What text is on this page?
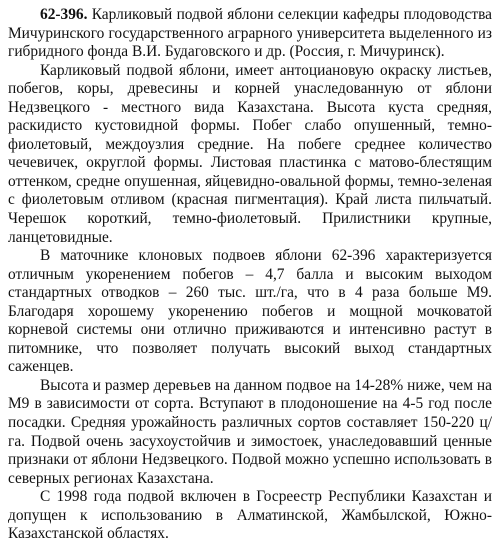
62-396. Карликовый подвой яблони селекции кафедры плодоводства Мичуринского государственного аграрного университета выделенного из гибридного фонда В.И. Будаговского и др. (Россия, г. Мичуринск).

Карликовый подвой яблони, имеет антоциановую окраску листьев, побегов, коры, древесины и корней унаследованную от яблони Недзвецкого - местного вида Казахстана. Высота куста средняя, раскидисто кустовидной формы. Побег слабо опушенный, темно-фиолетовый, междоузлия средние. На побеге среднее количество чечевичек, округлой формы. Листовая пластинка с матово-блестящим оттенком, средне опушенная, яйцевидно-овальной формы, темно-зеленая с фиолетовым отливом (красная пигментация). Край листа пильчатый. Черешок короткий, темно-фиолетовый. Прилистники крупные, ланцетовидные.

В маточнике клоновых подвоев яблони 62-396 характеризуется отличным укоренением побегов – 4,7 балла и высоким выходом стандартных отводков – 260 тыс. шт./га, что в 4 раза больше М9. Благодаря хорошему укоренению побегов и мощной мочковатой корневой системы они отлично приживаются и интенсивно растут в питомнике, что позволяет получать высокий выход стандартных саженцев.

Высота и размер деревьев на данном подвое на 14-28% ниже, чем на М9 в зависимости от сорта. Вступают в плодоношение на 4-5 год после посадки. Средняя урожайность различных сортов составляет 150-220 ц/га. Подвой очень засухоустойчив и зимостоек, унаследовавший ценные признаки от яблони Недзвецкого. Подвой можно успешно использовать в северных регионах Казахстана.

С 1998 года подвой включен в Госреестр Республики Казахстан и допущен к использованию в Алматинской, Жамбылской, Южно-Казахстанской областях.
